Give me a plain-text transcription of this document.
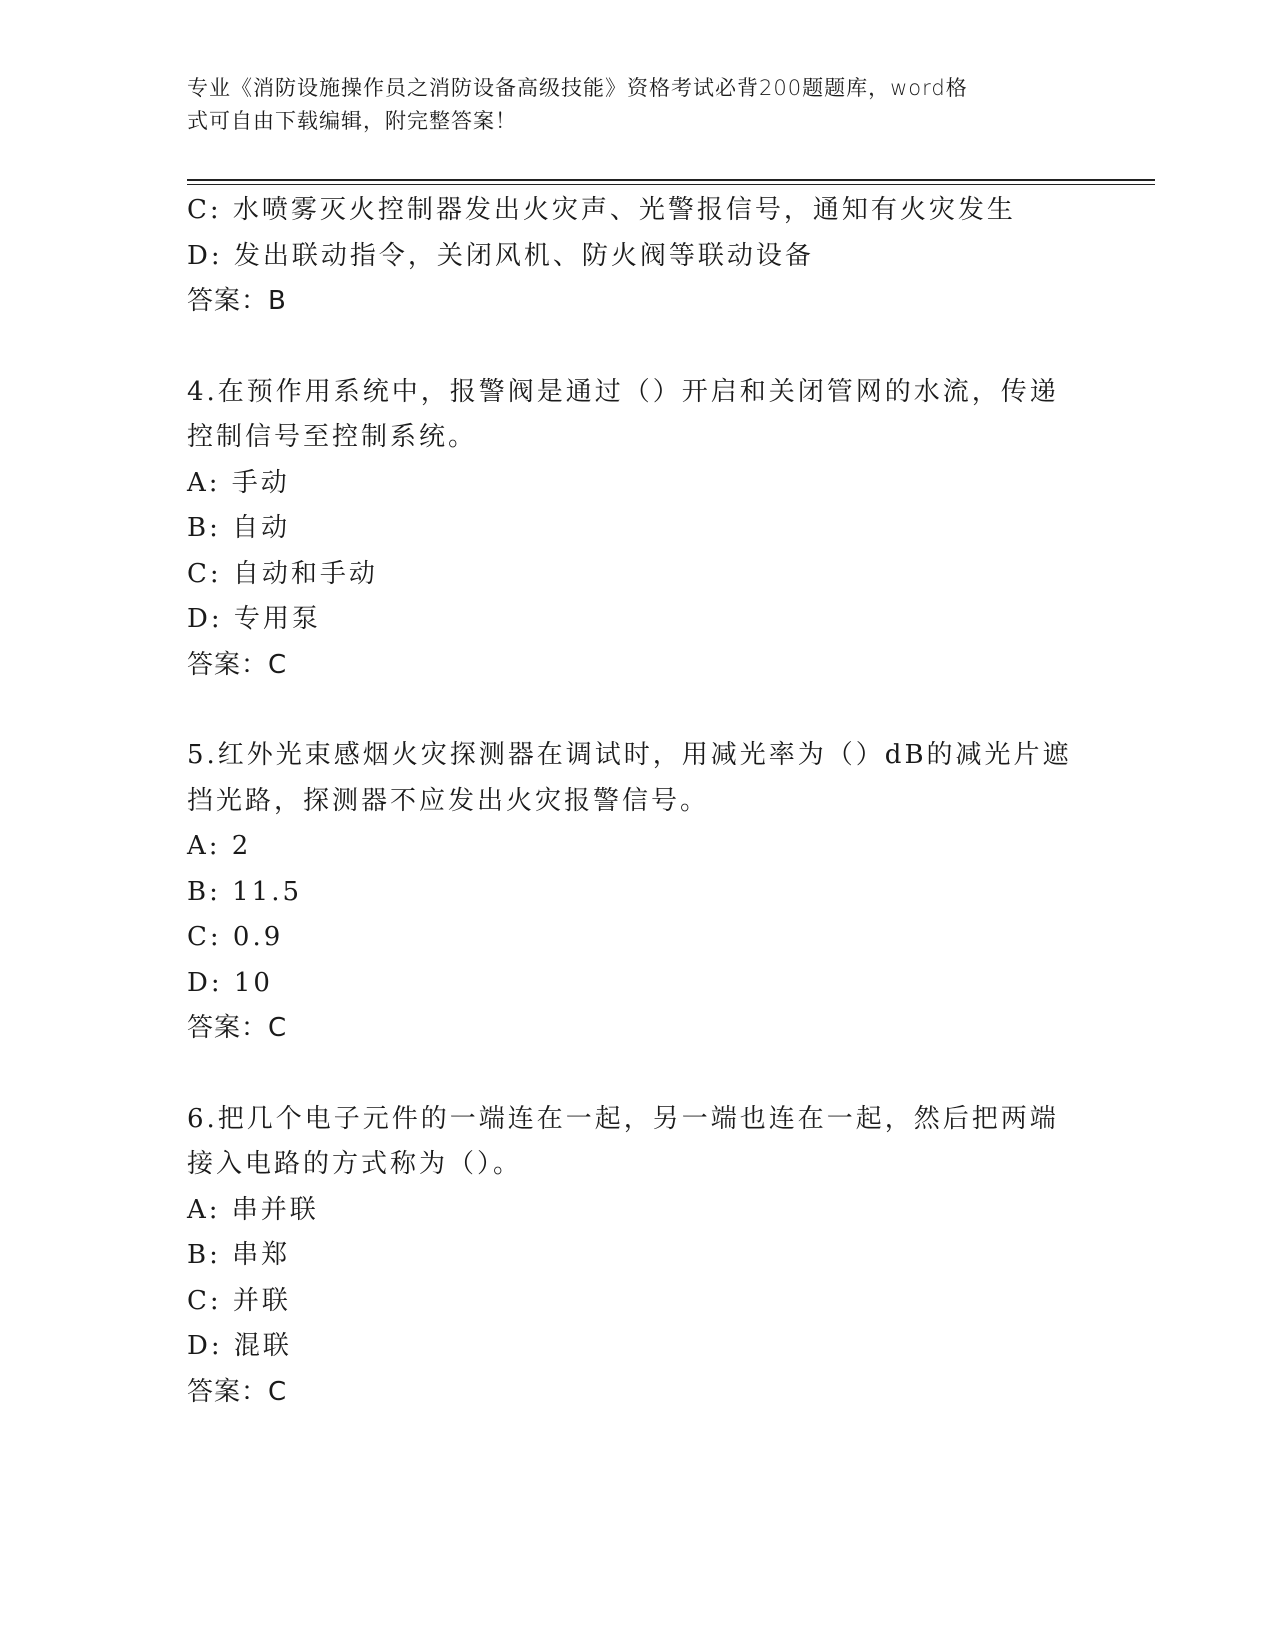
专业《消防设施操作员之消防设备高级技能》资格考试必背200题题库，word格
式可自由下载编辑，附完整答案！
C: 水喷雾灭火控制器发出火灾声、光警报信号，通知有火灾发生
D: 发出联动指令，关闭风机、防火阀等联动设备
答案：B
4.在预作用系统中，报警阀是通过（）开启和关闭管网的水流，传递
控制信号至控制系统。
A: 手动
B: 自动
C: 自动和手动
D: 专用泵
答案：C
5.红外光束感烟火灾探测器在调试时，用减光率为（）dB的减光片遮
挡光路，探测器不应发出火灾报警信号。
A: 2
B: 11.5
C: 0.9
D: 10
答案：C
6.把几个电子元件的一端连在一起，另一端也连在一起，然后把两端
接入电路的方式称为（）。
A: 串并联
B: 串郑
C: 并联
D: 混联
答案：C
